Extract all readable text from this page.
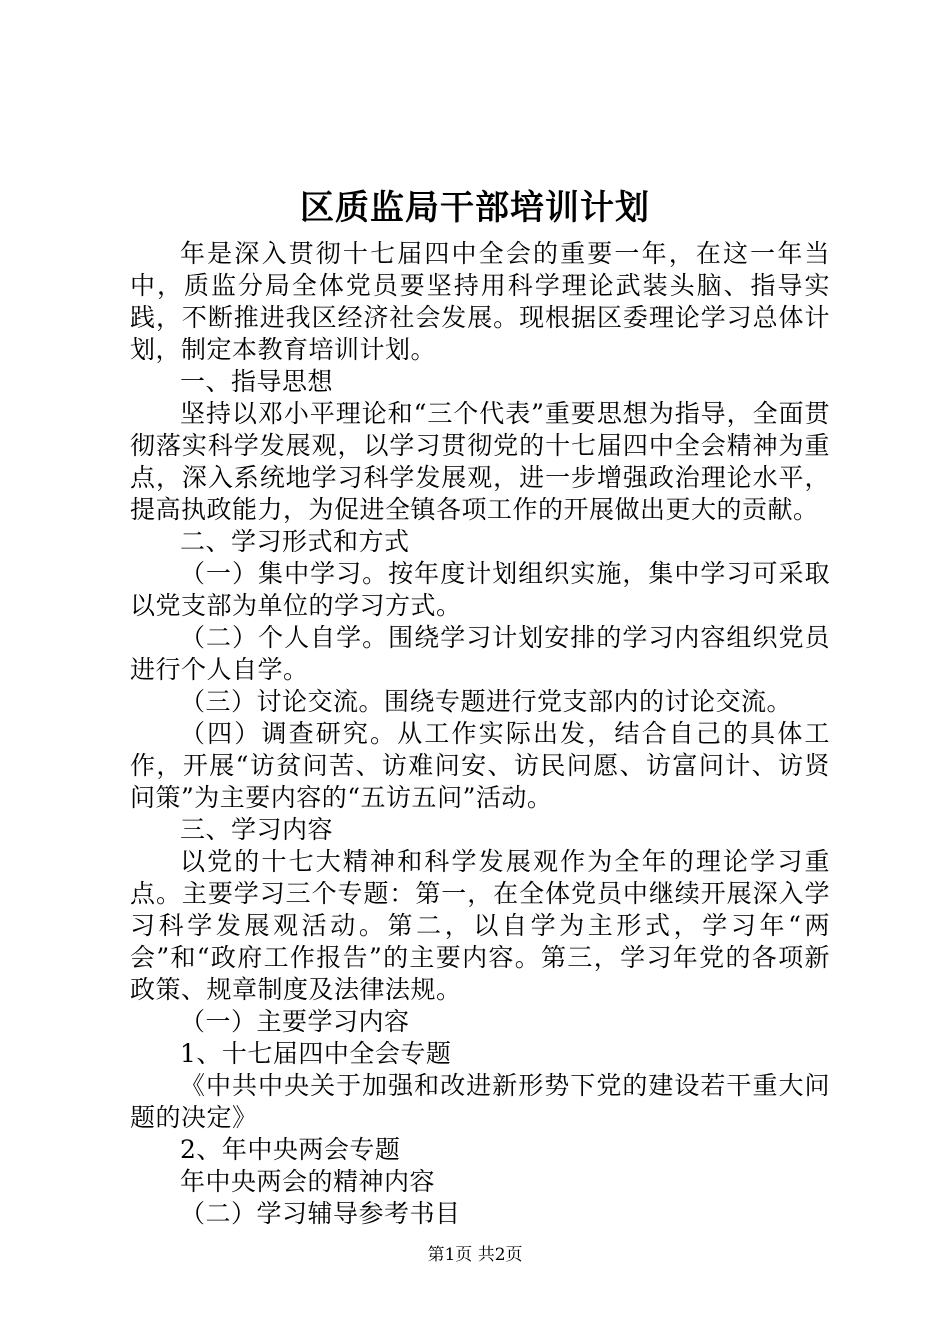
区质监局干部培训计划

年是深入贯彻十七届四中全会的重要一年，在这一年当中，质监分局全体党员要坚持用科学理论武装头脑、指导实践，不断推进我区经济社会发展。现根据区委理论学习总体计划，制定本教育培训计划。

一、指导思想

坚持以邓小平理论和“三个代表”重要思想为指导，全面贯彻落实科学发展观，以学习贯彻党的十七届四中全会精神为重点，深入系统地学习科学发展观，进一步增强政治理论水平，提高执政能力，为促进全镇各项工作的开展做出更大的贡献。

二、学习形式和方式

（一）集中学习。按年度计划组织实施，集中学习可采取以党支部为单位的学习方式。

（二）个人自学。围绕学习计划安排的学习内容组织党员进行个人自学。

（三）讨论交流。围绕专题进行党支部内的讨论交流。

（四）调查研究。从工作实际出发，结合自己的具体工作，开展“访贫问苦、访难问安、访民问愿、访富问计、访贤问策”为主要内容的“五访五问”活动。

三、学习内容

以党的十七大精神和科学发展观作为全年的理论学习重点。主要学习三个专题：第一，在全体党员中继续开展深入学习科学发展观活动。第二，以自学为主形式，学习年“两会”和“政府工作报告”的主要内容。第三，学习年党的各项新政策、规章制度及法律法规。

（一）主要学习内容

1、十七届四中全会专题

《中共中央关于加强和改进新形势下党的建设若干重大问题的决定》

2、年中央两会专题

年中央两会的精神内容

（二）学习辅导参考书目

第1页 共2页
